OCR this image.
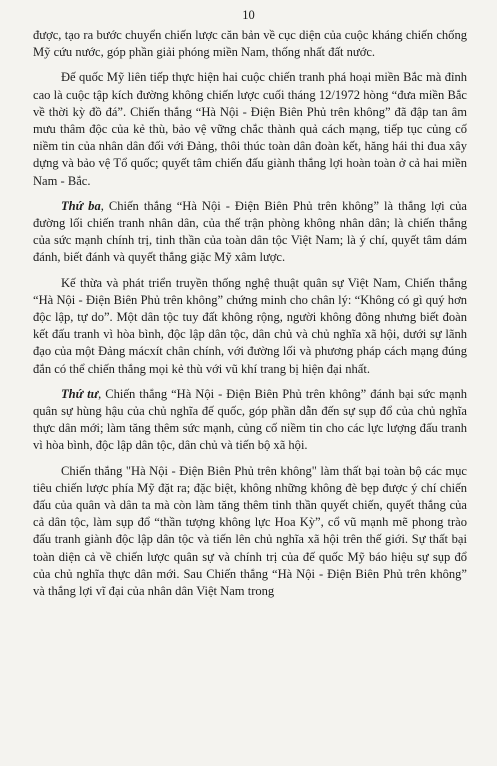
10

được, tạo ra bước chuyển chiến lược căn bản về cục diện của cuộc kháng chiến chống Mỹ cứu nước, góp phần giải phóng miền Nam, thống nhất đất nước.

Đế quốc Mỹ liên tiếp thực hiện hai cuộc chiến tranh phá hoại miền Bắc mà đỉnh cao là cuộc tập kích đường không chiến lược cuối tháng 12/1972 hòng “đưa miền Bắc về thời kỳ đồ đá”. Chiến thắng “Hà Nội - Điện Biên Phủ trên không” đã đập tan âm mưu thâm độc của kẻ thù, bảo vệ vững chắc thành quả cách mạng, tiếp tục củng cố niềm tin của nhân dân đối với Đảng, thôi thúc toàn dân đoàn kết, hăng hái thi đua xây dựng và bảo vệ Tổ quốc; quyết tâm chiến đấu giành thắng lợi hoàn toàn ở cả hai miền Nam - Bắc.

Thứ ba, Chiến thắng “Hà Nội - Điện Biên Phủ trên không” là thắng lợi của đường lối chiến tranh nhân dân, của thế trận phòng không nhân dân; là chiến thắng của sức mạnh chính trị, tinh thần của toàn dân tộc Việt Nam; là ý chí, quyết tâm dám đánh, biết đánh và quyết thắng giặc Mỹ xâm lược.

Kế thừa và phát triển truyền thống nghệ thuật quân sự Việt Nam, Chiến thắng “Hà Nội - Điện Biên Phủ trên không” chứng minh cho chân lý: “Không có gì quý hơn độc lập, tự do”. Một dân tộc tuy đất không rộng, người không đông nhưng biết đoàn kết đấu tranh vì hòa bình, độc lập dân tộc, dân chủ và chủ nghĩa xã hội, dưới sự lãnh đạo của một Đảng mácxít chân chính, với đường lối và phương pháp cách mạng đúng đắn có thể chiến thắng mọi kẻ thù với vũ khí trang bị hiện đại nhất.

Thứ tư, Chiến thắng “Hà Nội - Điện Biên Phủ trên không” đánh bại sức mạnh quân sự hùng hậu của chủ nghĩa đế quốc, góp phần dẫn đến sự sụp đổ của chủ nghĩa thực dân mới; làm tăng thêm sức mạnh, củng cố niềm tin cho các lực lượng đấu tranh vì hòa bình, độc lập dân tộc, dân chủ và tiến bộ xã hội.

Chiến thắng "Hà Nội - Điện Biên Phủ trên không" làm thất bại toàn bộ các mục tiêu chiến lược phía Mỹ đặt ra; đặc biệt, không những không đè bẹp được ý chí chiến đấu của quân và dân ta mà còn làm tăng thêm tinh thần quyết chiến, quyết thắng của cả dân tộc, làm sụp đổ “thần tượng không lực Hoa Kỳ”, cổ vũ mạnh mẽ phong trào đấu tranh giành độc lập dân tộc và tiến lên chủ nghĩa xã hội trên thế giới. Sự thất bại toàn diện cả về chiến lược quân sự và chính trị của đế quốc Mỹ báo hiệu sự sụp đổ của chủ nghĩa thực dân mới. Sau Chiến thắng “Hà Nội - Điện Biên Phủ trên không” và thắng lợi vĩ đại của nhân dân Việt Nam trong
